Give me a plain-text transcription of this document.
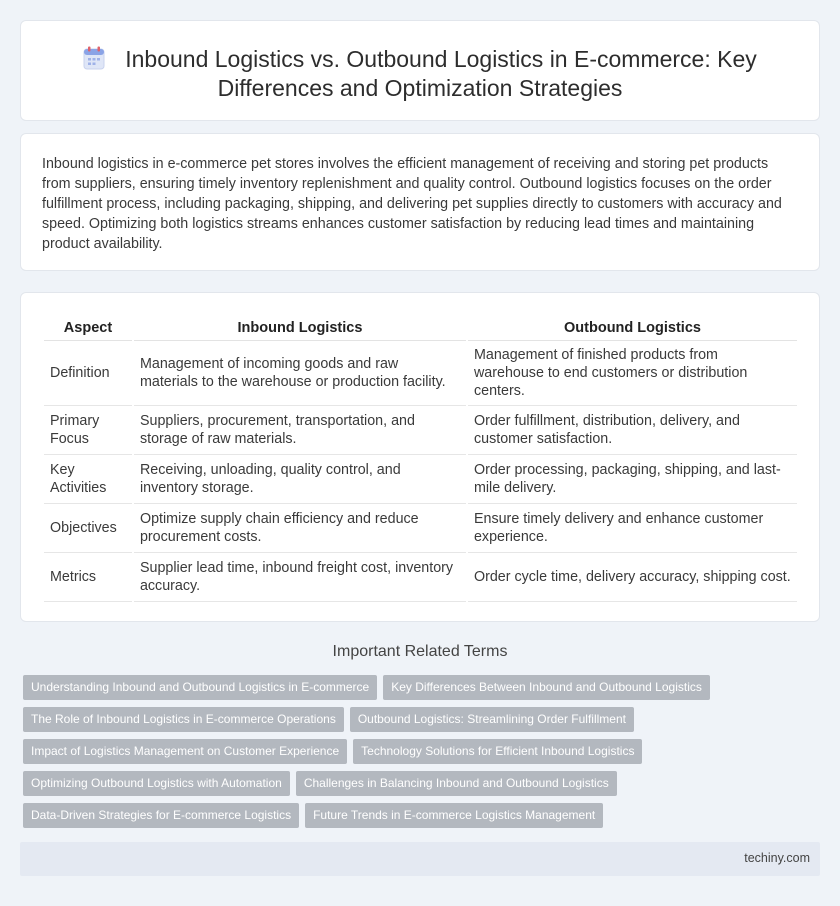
Inbound Logistics vs. Outbound Logistics in E-commerce: Key
Differences and Optimization Strategies

Inbound logistics in e-commerce pet stores involves the efficient management of receiving and storing pet products from suppliers, ensuring timely inventory replenishment and quality control. Outbound logistics focuses on the order fulfillment process, including packaging, shipping, and delivering pet supplies directly to customers with accuracy and speed. Optimizing both logistics streams enhances customer satisfaction by reducing lead times and maintaining product availability.

Aspect	Inbound Logistics	Outbound Logistics
Definition	Management of incoming goods and raw materials to the warehouse or production facility.	Management of finished products from warehouse to end customers or distribution centers.
Primary Focus	Suppliers, procurement, transportation, and storage of raw materials.	Order fulfillment, distribution, delivery, and customer satisfaction.
Key Activities	Receiving, unloading, quality control, and inventory storage.	Order processing, packaging, shipping, and last-mile delivery.
Objectives	Optimize supply chain efficiency and reduce procurement costs.	Ensure timely delivery and enhance customer experience.
Metrics	Supplier lead time, inbound freight cost, inventory accuracy.	Order cycle time, delivery accuracy, shipping cost.
Important Related Terms
Understanding Inbound and Outbound Logistics in E-commerce Key Differences Between Inbound and Outbound Logistics
The Role of Inbound Logistics in E-commerce Operations Outbound Logistics: Streamlining Order Fulfillment
Impact of Logistics Management on Customer Experience Technology Solutions for Efficient Inbound Logistics
Optimizing Outbound Logistics with Automation Challenges in Balancing Inbound and Outbound Logistics
Data-Driven Strategies for E-commerce Logistics Future Trends in E-commerce Logistics Management
techiny.com
